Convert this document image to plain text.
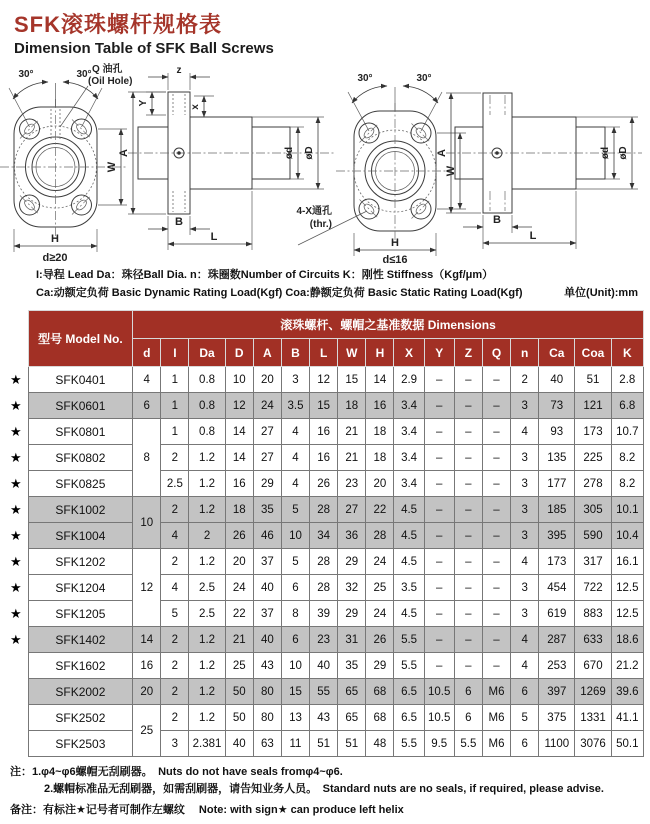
SFK滚珠螺杆规格表
Dimension Table of SFK Ball Screws
30°	30° Q 油孔
(Oil Hole)
W
H
d≥20
z
Y
x
A
B
L
ød øD
30°	30°
W
H
d≤16
4-X通孔
(thr.)
A
B
L
ød øD
I:导程 Lead Da：珠径Ball Dia. n：珠圈数Number of Circuits K：刚性 Stiffness（Kgf/μm）
Ca:动额定负荷 Basic Dynamic Rating Load(Kgf) Coa:静额定负荷 Basic Static Rating Load(Kgf)	单位(Unit):mm
	型号 Model No.	滚珠螺杆、螺帽之基准数据 Dimensions																
		d	I	Da	D	A	B	L	W	H	X	Y	Z	Q	n	Ca	Coa	K
★	SFK0401	4	1	0.8	10	20	3	12	15	14	2.9	–	–	–	2	40	51	2.8
★	SFK0601	6	1	0.8	12	24	3.5	15	18	16	3.4	–	–	–	3	73	121	6.8
★	SFK0801	8	1	0.8	14	27	4	16	21	18	3.4	–	–	–	4	93	173	10.7
★	SFK0802		2	1.2	14	27	4	16	21	18	3.4	–	–	–	3	135	225	8.2
★	SFK0825		2.5	1.2	16	29	4	26	23	20	3.4	–	–	–	3	177	278	8.2
★	SFK1002	10	2	1.2	18	35	5	28	27	22	4.5	–	–	–	3	185	305	10.1
★	SFK1004		4	2	26	46	10	34	36	28	4.5	–	–	–	3	395	590	10.4
★	SFK1202	12	2	1.2	20	37	5	28	29	24	4.5	–	–	–	4	173	317	16.1
★	SFK1204		4	2.5	24	40	6	28	32	25	3.5	–	–	–	3	454	722	12.5
★	SFK1205		5	2.5	22	37	8	39	29	24	4.5	–	–	–	3	619	883	12.5
★	SFK1402	14	2	1.2	21	40	6	23	31	26	5.5	–	–	–	4	287	633	18.6
	SFK1602	16	2	1.2	25	43	10	40	35	29	5.5	–	–	–	4	253	670	21.2
	SFK2002	20	2	1.2	50	80	15	55	65	68	6.5	10.5	6	M6	6	397	1269	39.6
	SFK2502	25	2	1.2	50	80	13	43	65	68	6.5	10.5	6	M6	5	375	1331	41.1
	SFK2503		3	2.381	40	63	11	51	51	48	5.5	9.5	5.5	M6	6	1100	3076	50.1
注：1.φ4~φ6螺帽无刮刷器。　Nuts do not have seals fromφ4~φ6.
2.螺帽标准品无刮刷器，如需刮刷器，请告知业务人员。　Standard nuts are no seals, if required, please advise.
备注：有标注★记号者可制作左螺纹　 Note: with sign★ can produce left helix
